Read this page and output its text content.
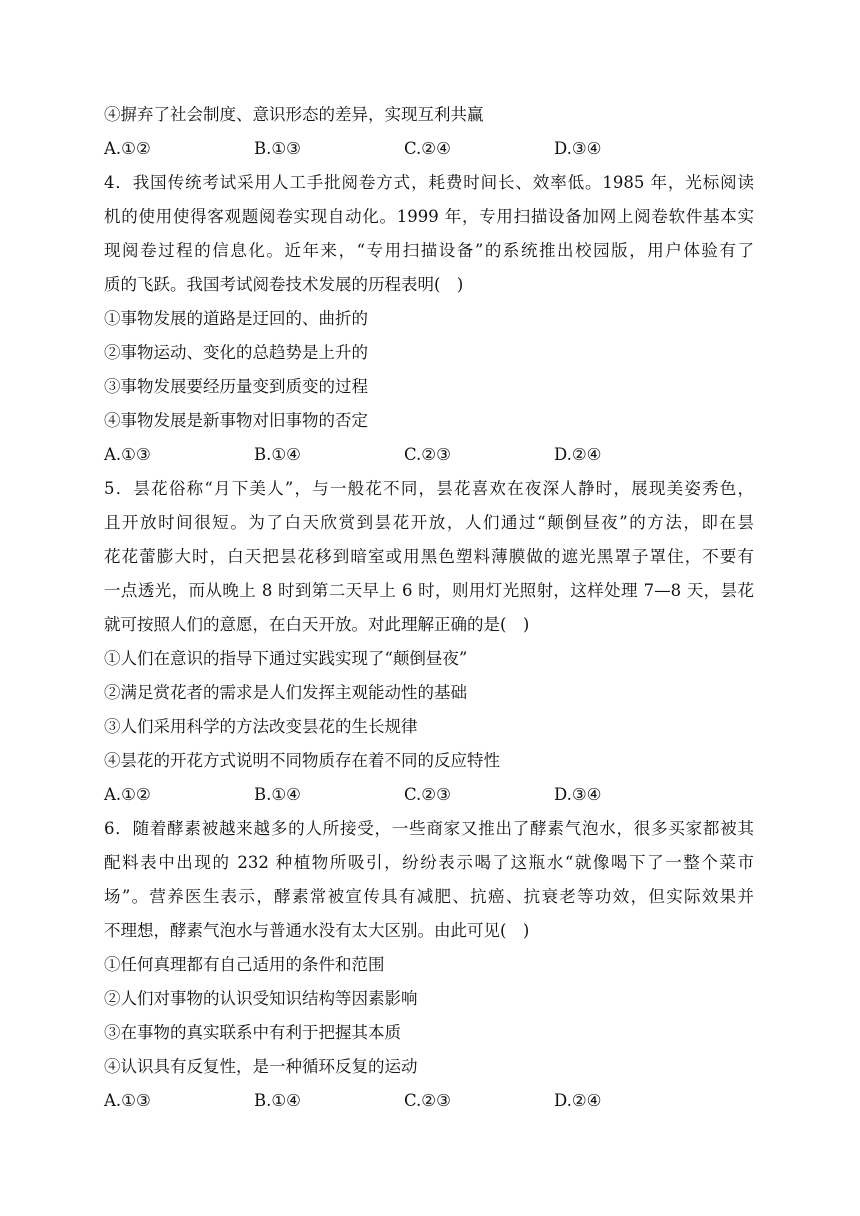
④摒弃了社会制度、意识形态的差异，实现互利共赢
A.①②	B.①③	C.②④	D.③④
4．我国传统考试采用人工手批阅卷方式，耗费时间长、效率低。1985 年，光标阅读
机的使用使得客观题阅卷实现自动化。1999 年，专用扫描设备加网上阅卷软件基本实
现阅卷过程的信息化。近年来，“专用扫描设备”的系统推出校园版，用户体验有了
质的飞跃。我国考试阅卷技术发展的历程表明(　)
①事物发展的道路是迂回的、曲折的
②事物运动、变化的总趋势是上升的
③事物发展要经历量变到质变的过程
④事物发展是新事物对旧事物的否定
A.①③	B.①④	C.②③	D.②④
5．昙花俗称“月下美人”，与一般花不同，昙花喜欢在夜深人静时，展现美姿秀色，
且开放时间很短。为了白天欣赏到昙花开放，人们通过“颠倒昼夜”的方法，即在昙
花花蕾膨大时，白天把昙花移到暗室或用黑色塑料薄膜做的遮光黑罩子罩住，不要有
一点透光，而从晚上 8 时到第二天早上 6 时，则用灯光照射，这样处理 7—8 天，昙花
就可按照人们的意愿，在白天开放。对此理解正确的是(　)
①人们在意识的指导下通过实践实现了“颠倒昼夜”
②满足赏花者的需求是人们发挥主观能动性的基础
③人们采用科学的方法改变昙花的生长规律
④昙花的开花方式说明不同物质存在着不同的反应特性
A.①②	B.①④	C.②③	D.③④
6．随着酵素被越来越多的人所接受，一些商家又推出了酵素气泡水，很多买家都被其
配料表中出现的 232 种植物所吸引，纷纷表示喝了这瓶水“就像喝下了一整个菜市
场”。营养医生表示，酵素常被宣传具有减肥、抗癌、抗衰老等功效，但实际效果并
不理想，酵素气泡水与普通水没有太大区别。由此可见(　)
①任何真理都有自己适用的条件和范围
②人们对事物的认识受知识结构等因素影响
③在事物的真实联系中有利于把握其本质
④认识具有反复性，是一种循环反复的运动
A.①③	B.①④	C.②③	D.②④
